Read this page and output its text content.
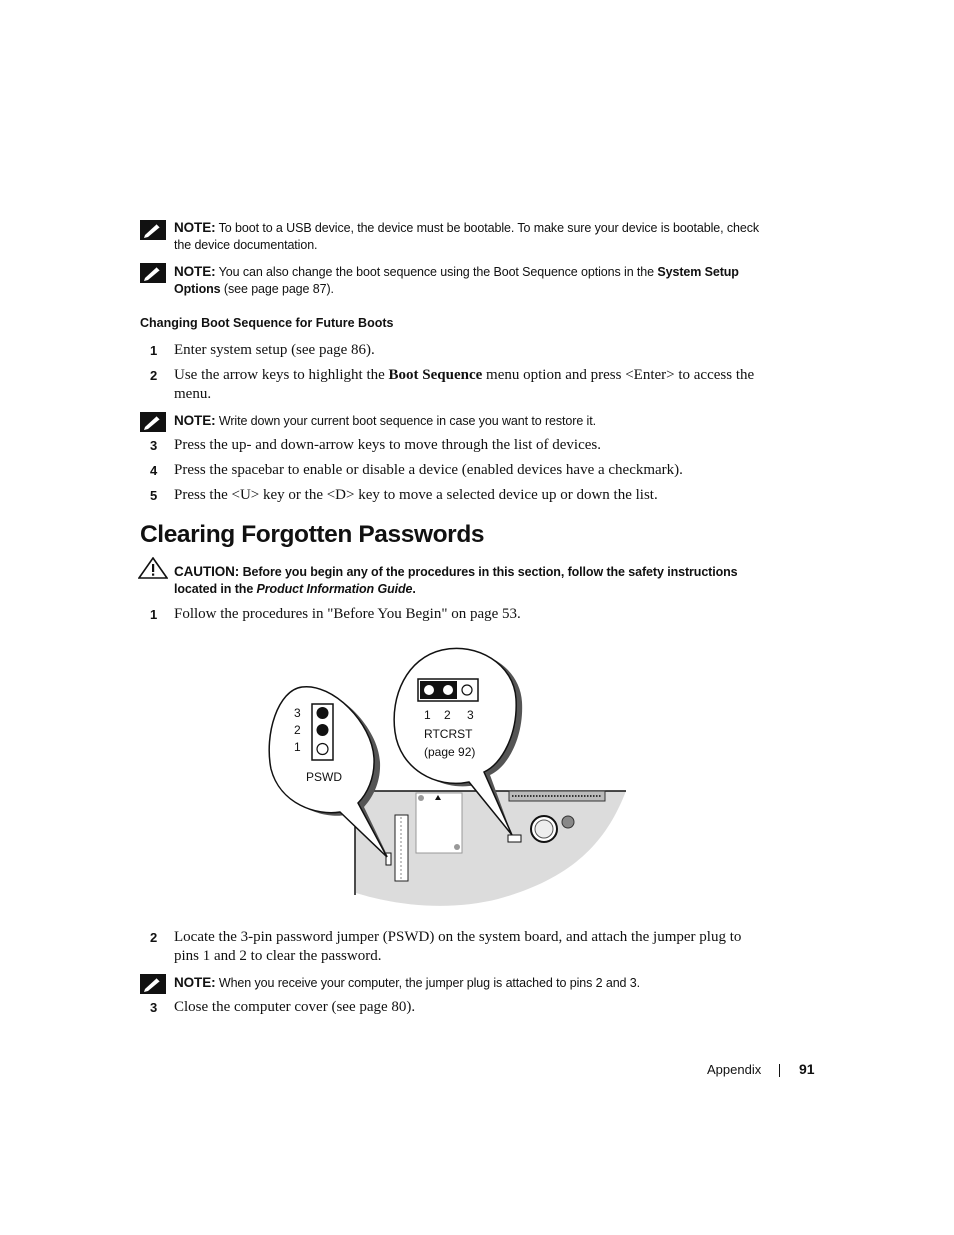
NOTE: To boot to a USB device, the device must be bootable. To make sure your device is bootable, check the device documentation.
NOTE: You can also change the boot sequence using the Boot Sequence options in the System Setup Options (see page page 87).
Changing Boot Sequence for Future Boots
1 Enter system setup (see page 86).
2 Use the arrow keys to highlight the Boot Sequence menu option and press <Enter> to access the menu.
NOTE: Write down your current boot sequence in case you want to restore it.
3 Press the up- and down-arrow keys to move through the list of devices.
4 Press the spacebar to enable or disable a device (enabled devices have a checkmark).
5 Press the <U> key or the <D> key to move a selected device up or down the list.
Clearing Forgotten Passwords
CAUTION: Before you begin any of the procedures in this section, follow the safety instructions located in the Product Information Guide.
1 Follow the procedures in "Before You Begin" on page 53.
3
2
1
PSWD
1 2 3
RTCRST
(page 92)
2 Locate the 3-pin password jumper (PSWD) on the system board, and attach the jumper plug to pins 1 and 2 to clear the password.
NOTE: When you receive your computer, the jumper plug is attached to pins 2 and 3.
3 Close the computer cover (see page 80).
Appendix	91
